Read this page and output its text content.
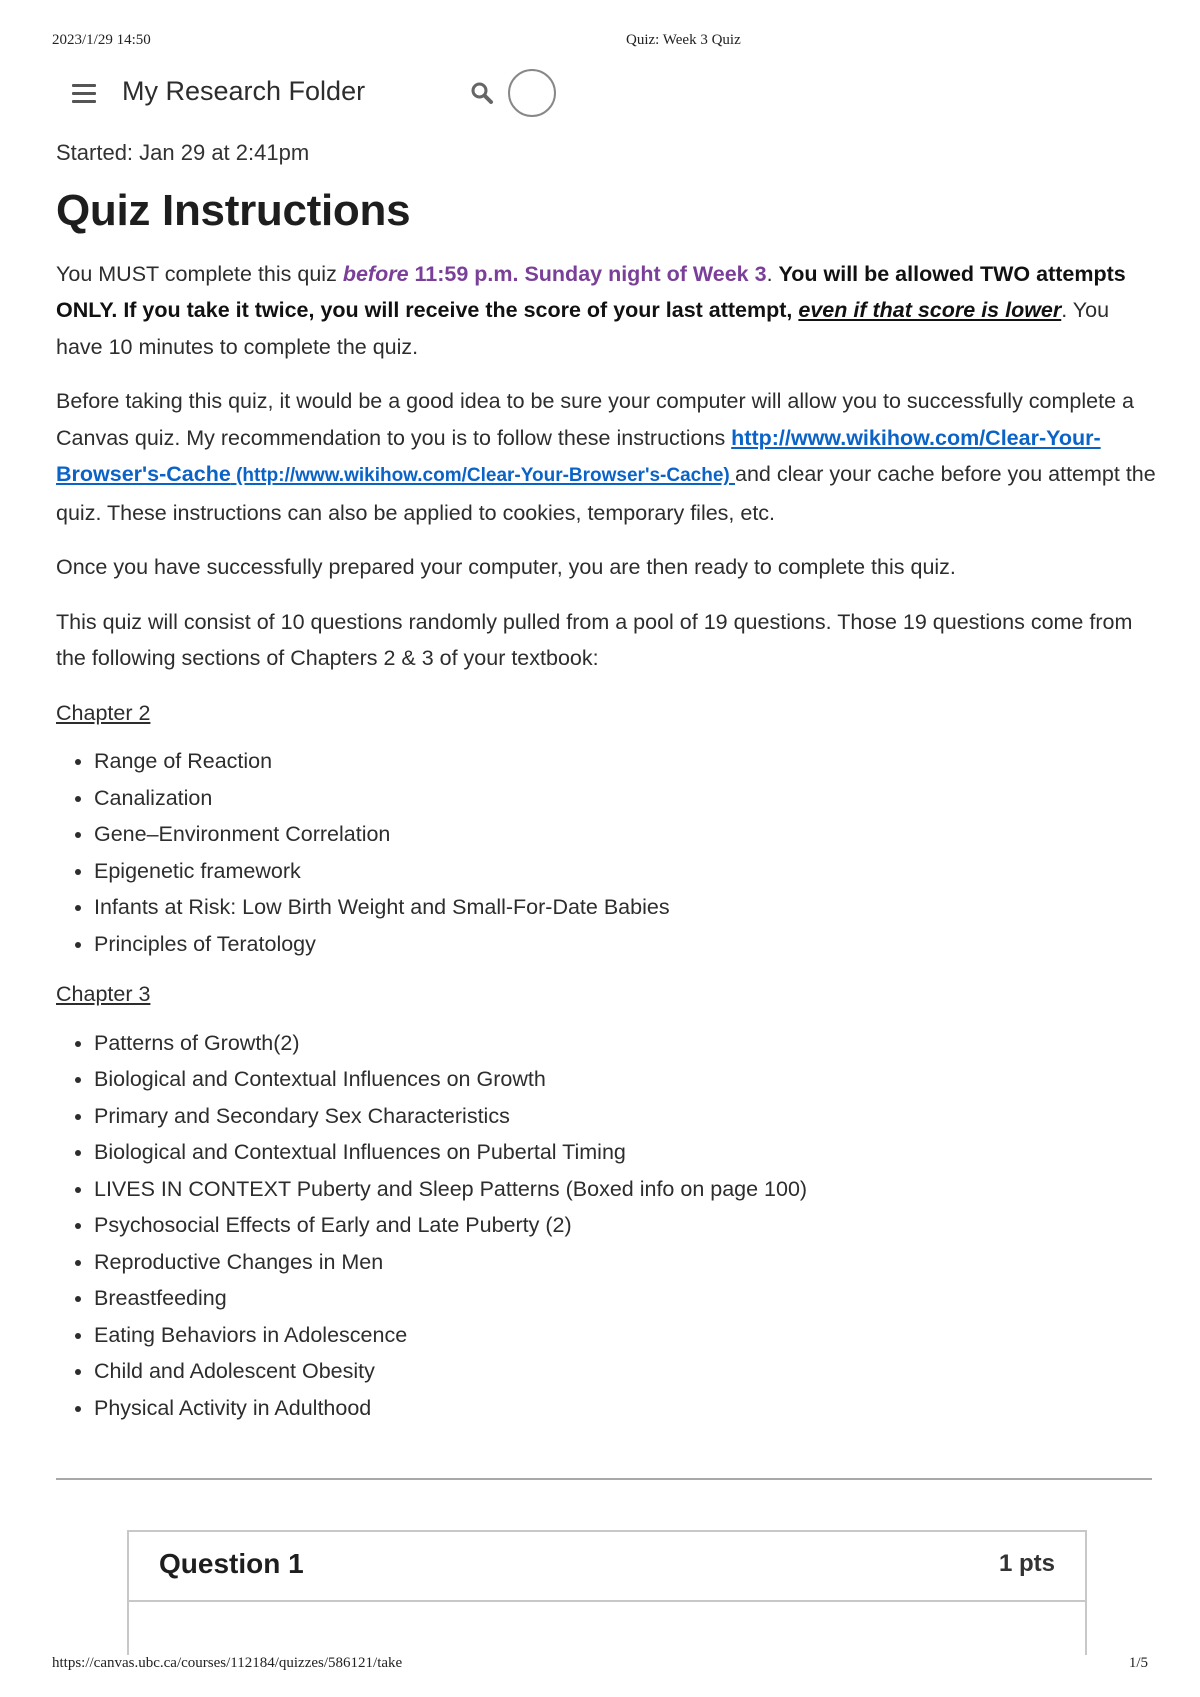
2023/1/29 14:50	Quiz: Week 3 Quiz
My Research Folder

Started: Jan 29 at 2:41pm

Quiz Instructions

You MUST complete this quiz before 11:59 p.m. Sunday night of Week 3. You will be allowed TWO attempts ONLY. If you take it twice, you will receive the score of your last attempt, even if that score is lower. You have 10 minutes to complete the quiz.

Before taking this quiz, it would be a good idea to be sure your computer will allow you to successfully complete a Canvas quiz. My recommendation to you is to follow these instructions http://www.wikihow.com/Clear-Your-Browser's-Cache (http://www.wikihow.com/Clear-Your-Browser's-Cache) and clear your cache before you attempt the quiz. These instructions can also be applied to cookies, temporary files, etc.

Once you have successfully prepared your computer, you are then ready to complete this quiz.

This quiz will consist of 10 questions randomly pulled from a pool of 19 questions. Those 19 questions come from the following sections of Chapters 2 & 3 of your textbook:

Chapter 2

• Range of Reaction
• Canalization
• Gene–Environment Correlation
• Epigenetic framework
• Infants at Risk: Low Birth Weight and Small-For-Date Babies
• Principles of Teratology

Chapter 3

• Patterns of Growth(2)
• Biological and Contextual Influences on Growth
• Primary and Secondary Sex Characteristics
• Biological and Contextual Influences on Pubertal Timing
• LIVES IN CONTEXT Puberty and Sleep Patterns (Boxed info on page 100)
• Psychosocial Effects of Early and Late Puberty (2)
• Reproductive Changes in Men
• Breastfeeding
• Eating Behaviors in Adolescence
• Child and Adolescent Obesity
• Physical Activity in Adulthood
Question 1	1 pts
https://canvas.ubc.ca/courses/112184/quizzes/586121/take	1/5
